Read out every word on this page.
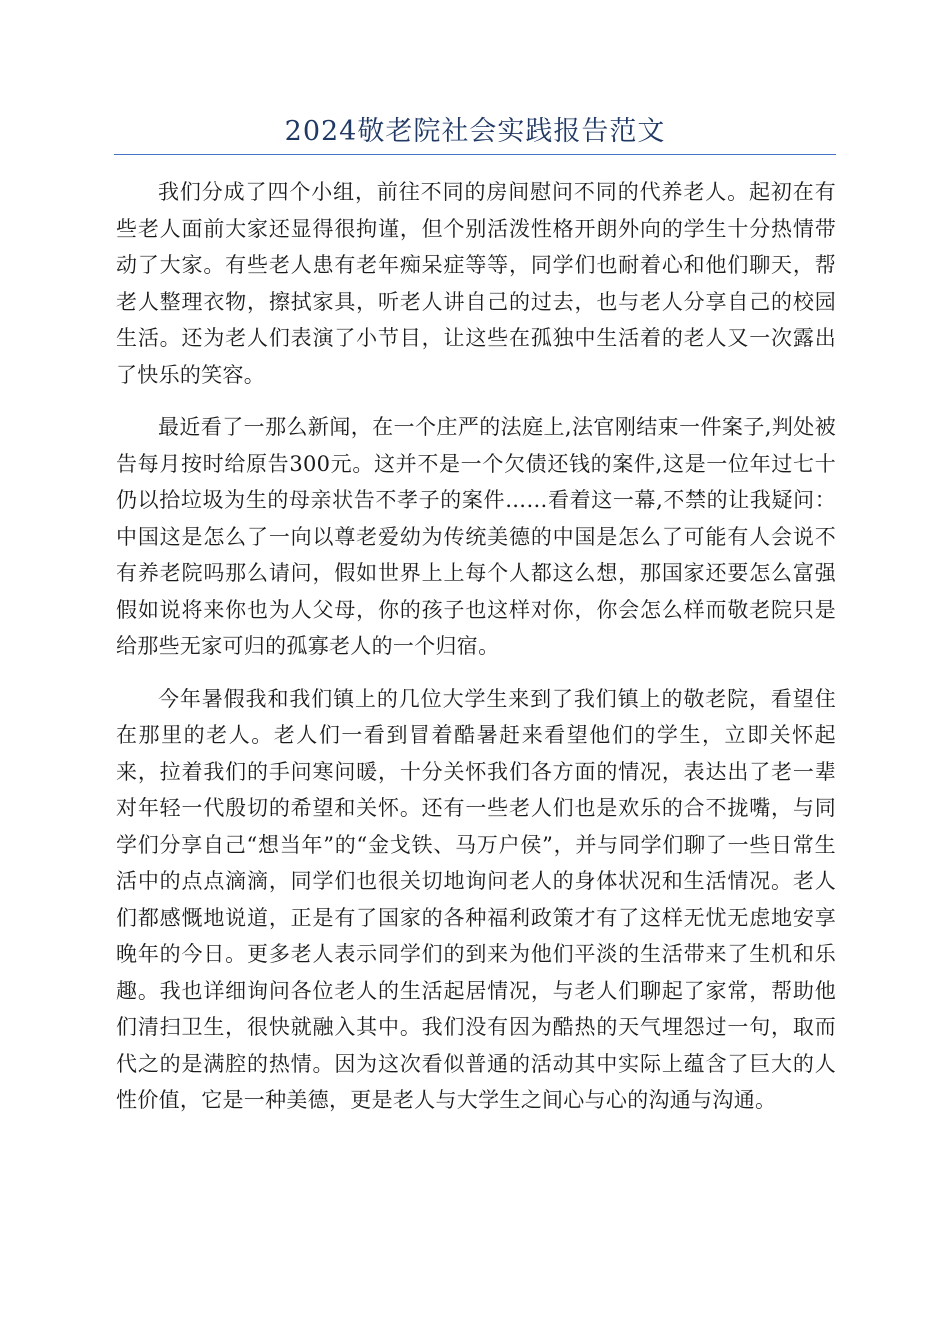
2024敬老院社会实践报告范文

我们分成了四个小组，前往不同的房间慰问不同的代养老人。起初在有些老人面前大家还显得很拘谨，但个别活泼性格开朗外向的学生十分热情带动了大家。有些老人患有老年痴呆症等等，同学们也耐着心和他们聊天，帮老人整理衣物，擦拭家具，听老人讲自己的过去，也与老人分享自己的校园生活。还为老人们表演了小节目，让这些在孤独中生活着的老人又一次露出了快乐的笑容。

最近看了一那么新闻，在一个庄严的法庭上,法官刚结束一件案子,判处被告每月按时给原告300元。这并不是一个欠债还钱的案件,这是一位年过七十仍以拾垃圾为生的母亲状告不孝子的案件……看着这一幕,不禁的让我疑问：中国这是怎么了一向以尊老爱幼为传统美德的中国是怎么了可能有人会说不有养老院吗那么请问，假如世界上上每个人都这么想，那国家还要怎么富强假如说将来你也为人父母，你的孩子也这样对你，你会怎么样而敬老院只是给那些无家可归的孤寡老人的一个归宿。

今年暑假我和我们镇上的几位大学生来到了我们镇上的敬老院，看望住在那里的老人。老人们一看到冒着酷暑赶来看望他们的学生，立即关怀起来，拉着我们的手问寒问暖，十分关怀我们各方面的情况，表达出了老一辈对年轻一代殷切的希望和关怀。还有一些老人们也是欢乐的合不拢嘴，与同学们分享自己“想当年”的“金戈铁、马万户侯”，并与同学们聊了一些日常生活中的点点滴滴，同学们也很关切地询问老人的身体状况和生活情况。老人们都感慨地说道，正是有了国家的各种福利政策才有了这样无忧无虑地安享晚年的今日。更多老人表示同学们的到来为他们平淡的生活带来了生机和乐趣。我也详细询问各位老人的生活起居情况，与老人们聊起了家常，帮助他们清扫卫生，很快就融入其中。我们没有因为酷热的天气埋怨过一句，取而代之的是满腔的热情。因为这次看似普通的活动其中实际上蕴含了巨大的人性价值，它是一种美德，更是老人与大学生之间心与心的沟通与沟通。
